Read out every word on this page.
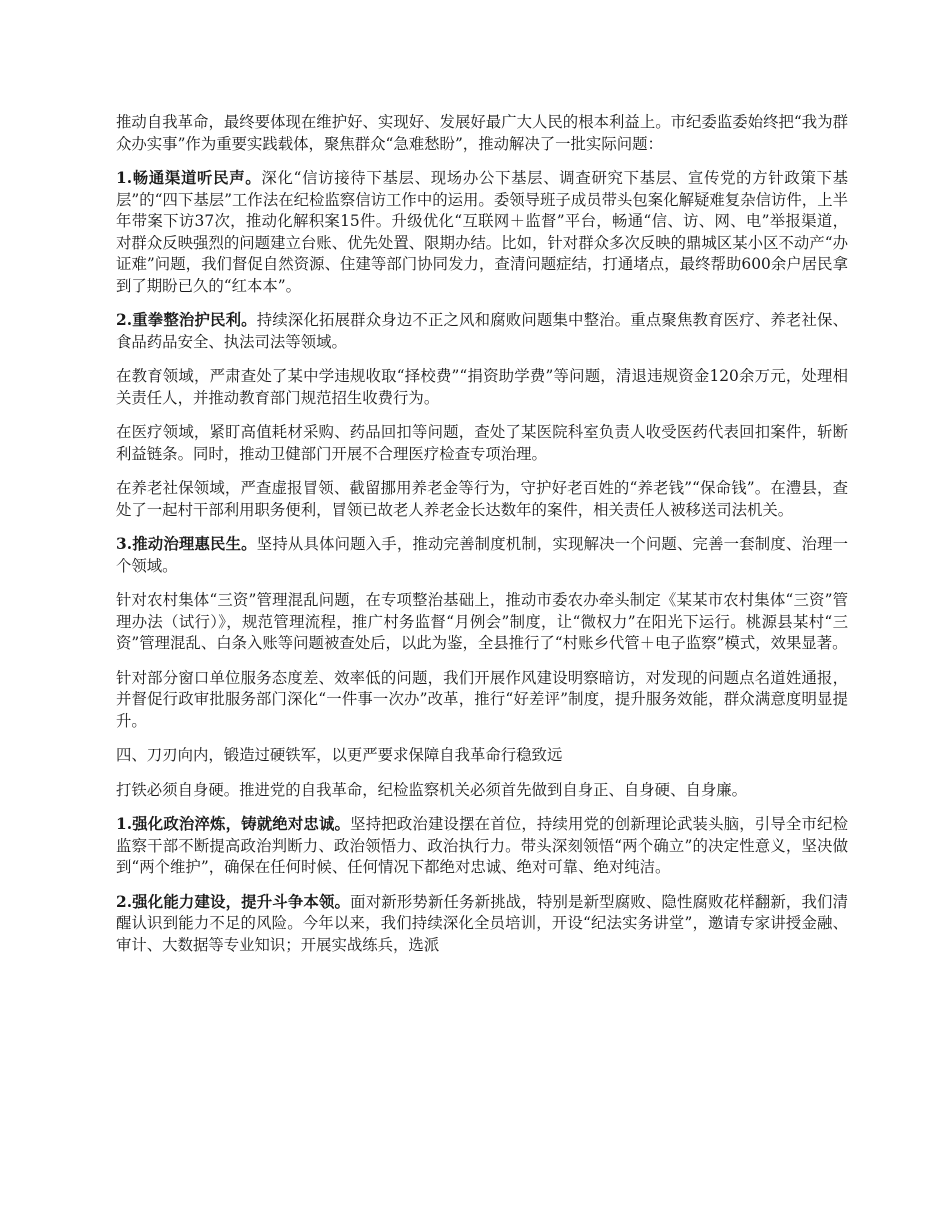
推动自我革命，最终要体现在维护好、实现好、发展好最广大人民的根本利益上。市纪委监委始终把“我为群众办实事”作为重要实践载体，聚焦群众“急难愁盼”，推动解决了一批实际问题：

1.畅通渠道听民声。深化“信访接待下基层、现场办公下基层、调查研究下基层、宣传党的方针政策下基层”的“四下基层”工作法在纪检监察信访工作中的运用。委领导班子成员带头包案化解疑难复杂信访件，上半年带案下访37次，推动化解积案15件。升级优化“互联网＋监督”平台，畅通“信、访、网、电”举报渠道，对群众反映强烈的问题建立台账、优先处置、限期办结。比如，针对群众多次反映的鼎城区某小区不动产“办证难”问题，我们督促自然资源、住建等部门协同发力，查清问题症结，打通堵点，最终帮助600余户居民拿到了期盼已久的“红本本”。

2.重拳整治护民利。持续深化拓展群众身边不正之风和腐败问题集中整治。重点聚焦教育医疗、养老社保、食品药品安全、执法司法等领域。

在教育领域，严肃查处了某中学违规收取“择校费”“捐资助学费”等问题，清退违规资金120余万元，处理相关责任人，并推动教育部门规范招生收费行为。

在医疗领域，紧盯高值耗材采购、药品回扣等问题，查处了某医院科室负责人收受医药代表回扣案件，斩断利益链条。同时，推动卫健部门开展不合理医疗检查专项治理。

在养老社保领域，严查虚报冒领、截留挪用养老金等行为，守护好老百姓的“养老钱”“保命钱”。在澧县，查处了一起村干部利用职务便利，冒领已故老人养老金长达数年的案件，相关责任人被移送司法机关。

3.推动治理惠民生。坚持从具体问题入手，推动完善制度机制，实现解决一个问题、完善一套制度、治理一个领域。

针对农村集体“三资”管理混乱问题，在专项整治基础上，推动市委农办牵头制定《某某市农村集体“三资”管理办法（试行）》，规范管理流程，推广村务监督“月例会”制度，让“微权力”在阳光下运行。桃源县某村“三资”管理混乱、白条入账等问题被查处后，以此为鉴，全县推行了“村账乡代管＋电子监察”模式，效果显著。

针对部分窗口单位服务态度差、效率低的问题，我们开展作风建设明察暗访，对发现的问题点名道姓通报，并督促行政审批服务部门深化“一件事一次办”改革，推行“好差评”制度，提升服务效能，群众满意度明显提升。

四、刀刃向内，锻造过硬铁军，以更严要求保障自我革命行稳致远

打铁必须自身硬。推进党的自我革命，纪检监察机关必须首先做到自身正、自身硬、自身廉。

1.强化政治淬炼，铸就绝对忠诚。坚持把政治建设摆在首位，持续用党的创新理论武装头脑，引导全市纪检监察干部不断提高政治判断力、政治领悟力、政治执行力。带头深刻领悟“两个确立”的决定性意义，坚决做到“两个维护”，确保在任何时候、任何情况下都绝对忠诚、绝对可靠、绝对纯洁。

2.强化能力建设，提升斗争本领。面对新形势新任务新挑战，特别是新型腐败、隐性腐败花样翻新，我们清醒认识到能力不足的风险。今年以来，我们持续深化全员培训，开设“纪法实务讲堂”，邀请专家讲授金融、审计、大数据等专业知识；开展实战练兵，选派
